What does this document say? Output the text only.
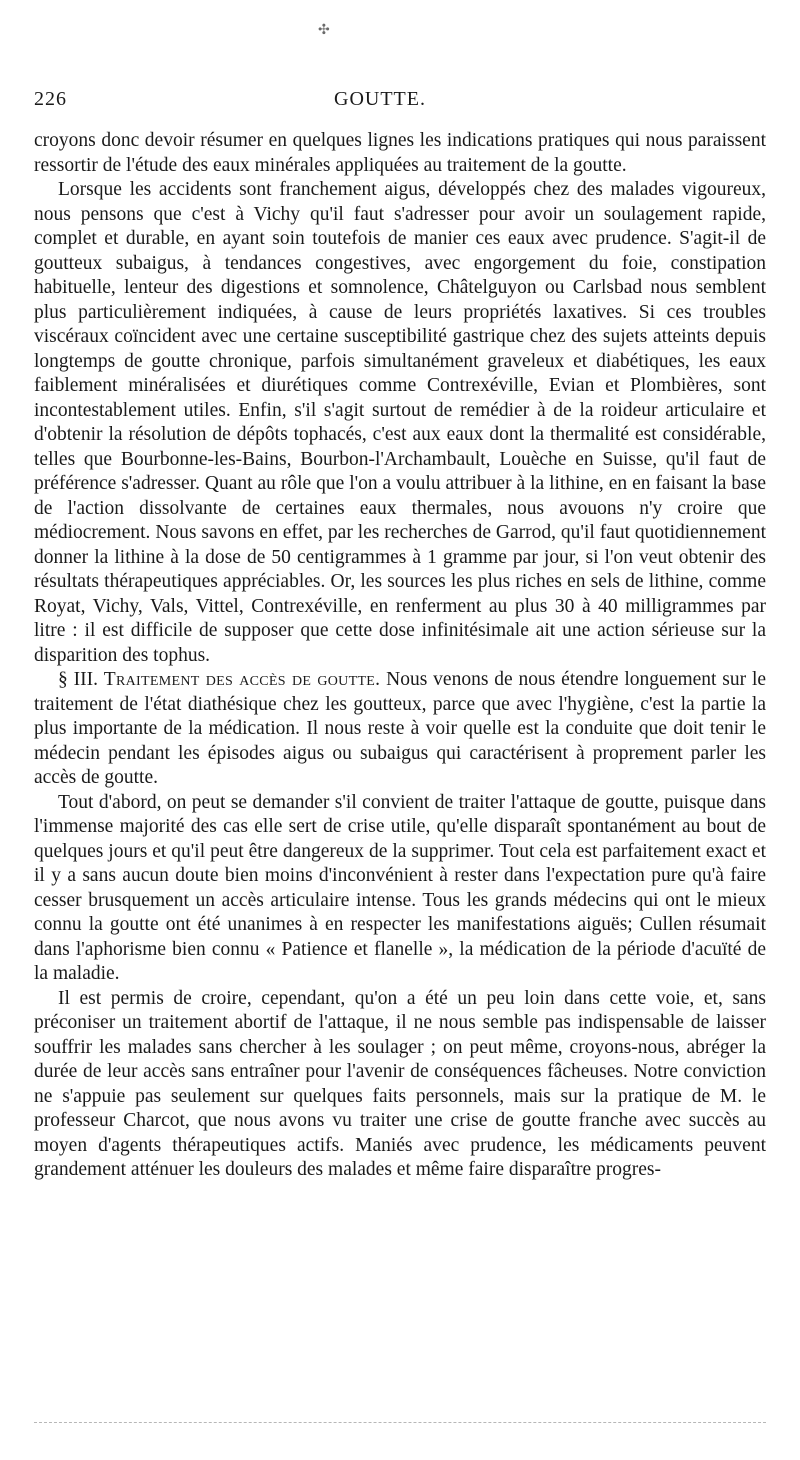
✣
226	GOUTTE.

croyons donc devoir résumer en quelques lignes les indications pratiques qui nous paraissent ressortir de l'étude des eaux minérales appliquées au traitement de la goutte.

Lorsque les accidents sont franchement aigus, développés chez des malades vigoureux, nous pensons que c'est à Vichy qu'il faut s'adresser pour avoir un soulagement rapide, complet et durable, en ayant soin toutefois de manier ces eaux avec prudence. S'agit-il de goutteux subaigus, à tendances congestives, avec engorgement du foie, constipation habituelle, lenteur des digestions et somnolence, Châtelguyon ou Carlsbad nous semblent plus particulièrement indiquées, à cause de leurs propriétés laxatives. Si ces troubles viscéraux coïncident avec une certaine susceptibilité gastrique chez des sujets atteints depuis longtemps de goutte chronique, parfois simultanément graveleux et diabétiques, les eaux faiblement minéralisées et diurétiques comme Contrexéville, Evian et Plombières, sont incontestablement utiles. Enfin, s'il s'agit surtout de remédier à de la roideur articulaire et d'obtenir la résolution de dépôts tophacés, c'est aux eaux dont la thermalité est considérable, telles que Bourbonne-les-Bains, Bourbon-l'Archambault, Louèche en Suisse, qu'il faut de préférence s'adresser. Quant au rôle que l'on a voulu attribuer à la lithine, en en faisant la base de l'action dissolvante de certaines eaux thermales, nous avouons n'y croire que médiocrement. Nous savons en effet, par les recherches de Garrod, qu'il faut quotidiennement donner la lithine à la dose de 50 centigrammes à 1 gramme par jour, si l'on veut obtenir des résultats thérapeutiques appréciables. Or, les sources les plus riches en sels de lithine, comme Royat, Vichy, Vals, Vittel, Contrexéville, en renferment au plus 30 à 40 milligrammes par litre : il est difficile de supposer que cette dose infinitésimale ait une action sérieuse sur la disparition des tophus.

§ III. Traitement des accès de goutte. Nous venons de nous étendre longuement sur le traitement de l'état diathésique chez les goutteux, parce que avec l'hygiène, c'est la partie la plus importante de la médication. Il nous reste à voir quelle est la conduite que doit tenir le médecin pendant les épisodes aigus ou subaigus qui caractérisent à proprement parler les accès de goutte.

Tout d'abord, on peut se demander s'il convient de traiter l'attaque de goutte, puisque dans l'immense majorité des cas elle sert de crise utile, qu'elle disparaît spontanément au bout de quelques jours et qu'il peut être dangereux de la supprimer. Tout cela est parfaitement exact et il y a sans aucun doute bien moins d'inconvénient à rester dans l'expectation pure qu'à faire cesser brusquement un accès articulaire intense. Tous les grands médecins qui ont le mieux connu la goutte ont été unanimes à en respecter les manifestations aiguës; Cullen résumait dans l'aphorisme bien connu « Patience et flanelle », la médication de la période d'acuïté de la maladie.

Il est permis de croire, cependant, qu'on a été un peu loin dans cette voie, et, sans préconiser un traitement abortif de l'attaque, il ne nous semble pas indispensable de laisser souffrir les malades sans chercher à les soulager ; on peut même, croyons-nous, abréger la durée de leur accès sans entraîner pour l'avenir de conséquences fâcheuses. Notre conviction ne s'appuie pas seulement sur quelques faits personnels, mais sur la pratique de M. le professeur Charcot, que nous avons vu traiter une crise de goutte franche avec succès au moyen d'agents thérapeutiques actifs. Maniés avec prudence, les médicaments peuvent grandement atténuer les douleurs des malades et même faire disparaître progres-
